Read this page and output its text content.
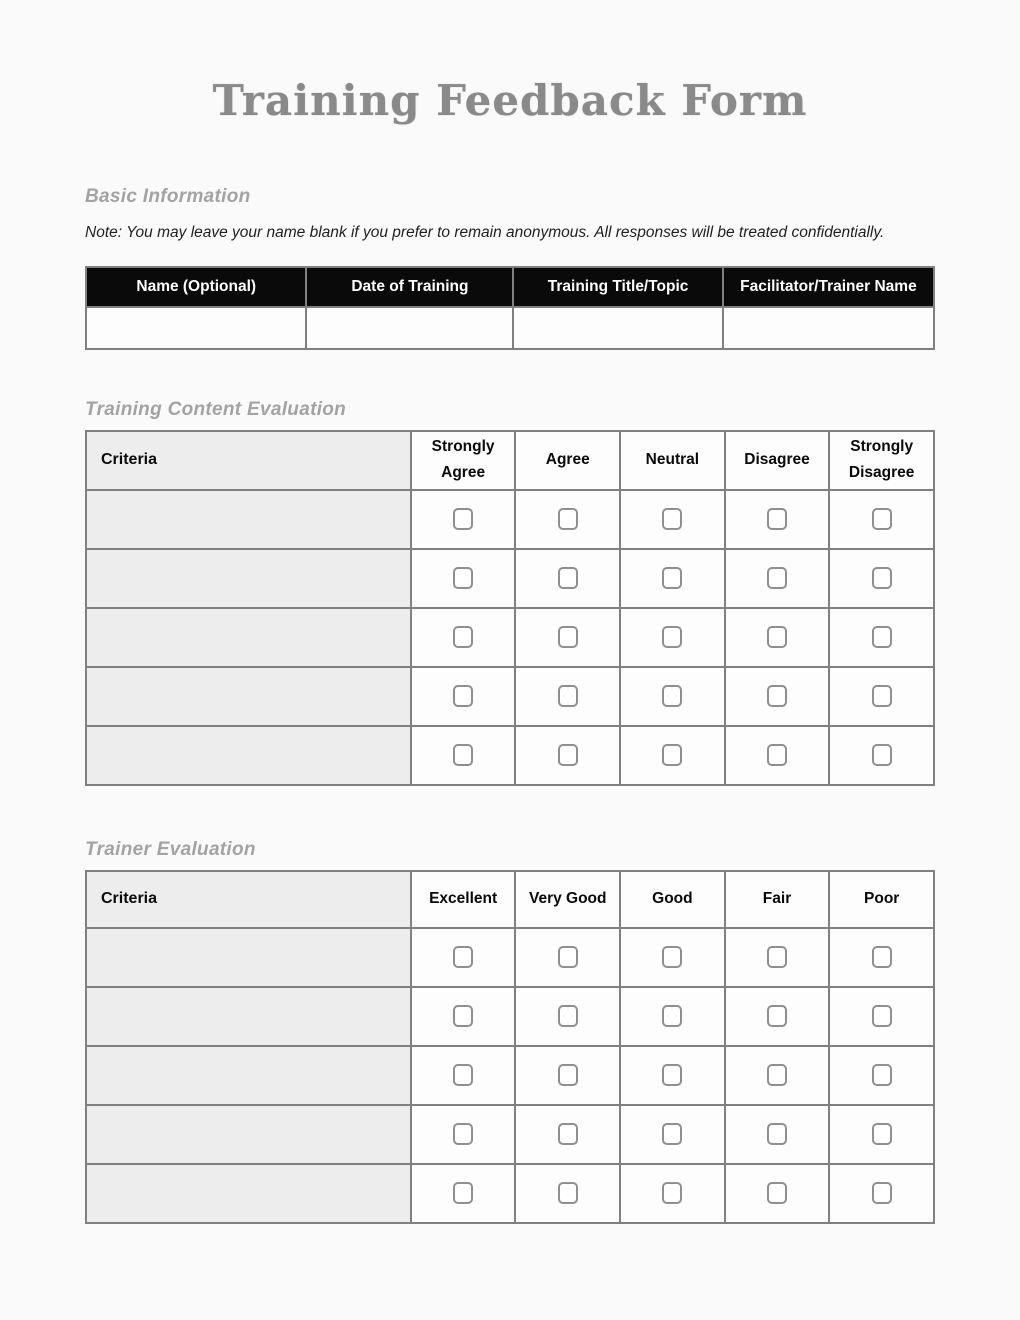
Training Feedback Form
Basic Information

Note: You may leave your name blank if you prefer to remain anonymous. All responses will be treated confidentially.

Name (Optional)	Date of Training	Training Title/Topic	Facilitator/Trainer Name

Training Content Evaluation
Criteria	Strongly Agree	Agree	Neutral	Disagree	Strongly Disagree

Trainer Evaluation
Criteria	Excellent	Very Good	Good	Fair	Poor
